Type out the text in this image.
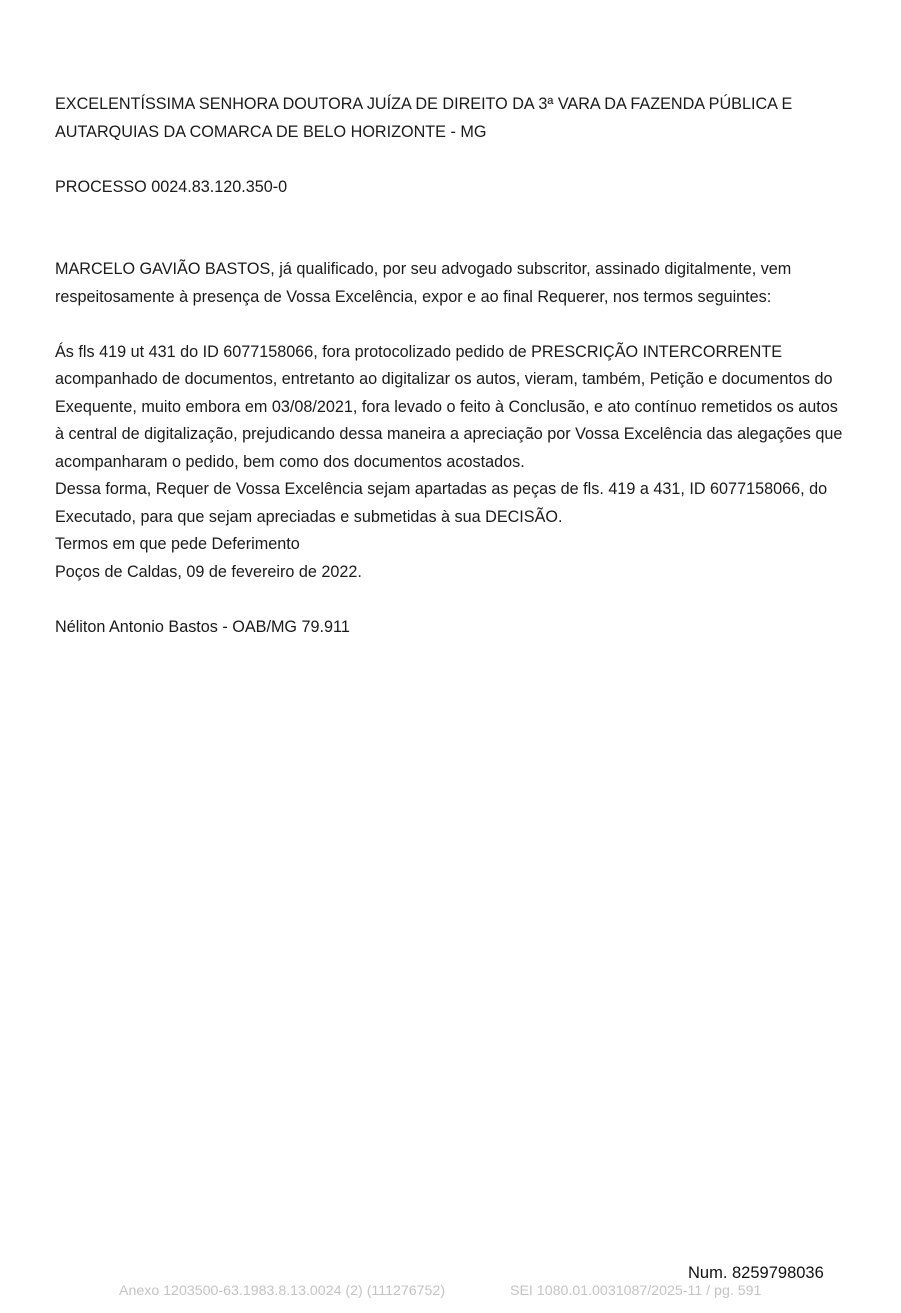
EXCELENTÍSSIMA SENHORA DOUTORA JUÍZA DE DIREITO DA 3ª VARA DA FAZENDA PÚBLICA E AUTARQUIAS DA COMARCA DE BELO HORIZONTE - MG

PROCESSO 0024.83.120.350-0

MARCELO GAVIÃO BASTOS, já qualificado, por seu advogado subscritor, assinado digitalmente, vem respeitosamente à presença de Vossa Excelência, expor e ao final Requerer, nos termos seguintes:

Ás fls 419 ut 431 do ID 6077158066, fora protocolizado pedido de PRESCRIÇÃO INTERCORRENTE acompanhado de documentos, entretanto ao digitalizar os autos, vieram, também, Petição e documentos do Exequente, muito embora em 03/08/2021, fora levado o feito à Conclusão, e ato contínuo remetidos os autos à central de digitalização, prejudicando dessa maneira a apreciação por Vossa Excelência das alegações que acompanharam o pedido, bem como dos documentos acostados.

Dessa forma, Requer de Vossa Excelência sejam apartadas as peças de fls. 419 a 431, ID 6077158066, do Executado, para que sejam apreciadas e submetidas à sua DECISÃO.

Termos em que pede Deferimento

Poços de Caldas, 09 de fevereiro de 2022.

Néliton Antonio Bastos - OAB/MG 79.911

Num. 8259798036
Anexo 1203500-63.1983.8.13.0024 (2) (111276752)	SEI 1080.01.0031087/2025-11 / pg. 591
